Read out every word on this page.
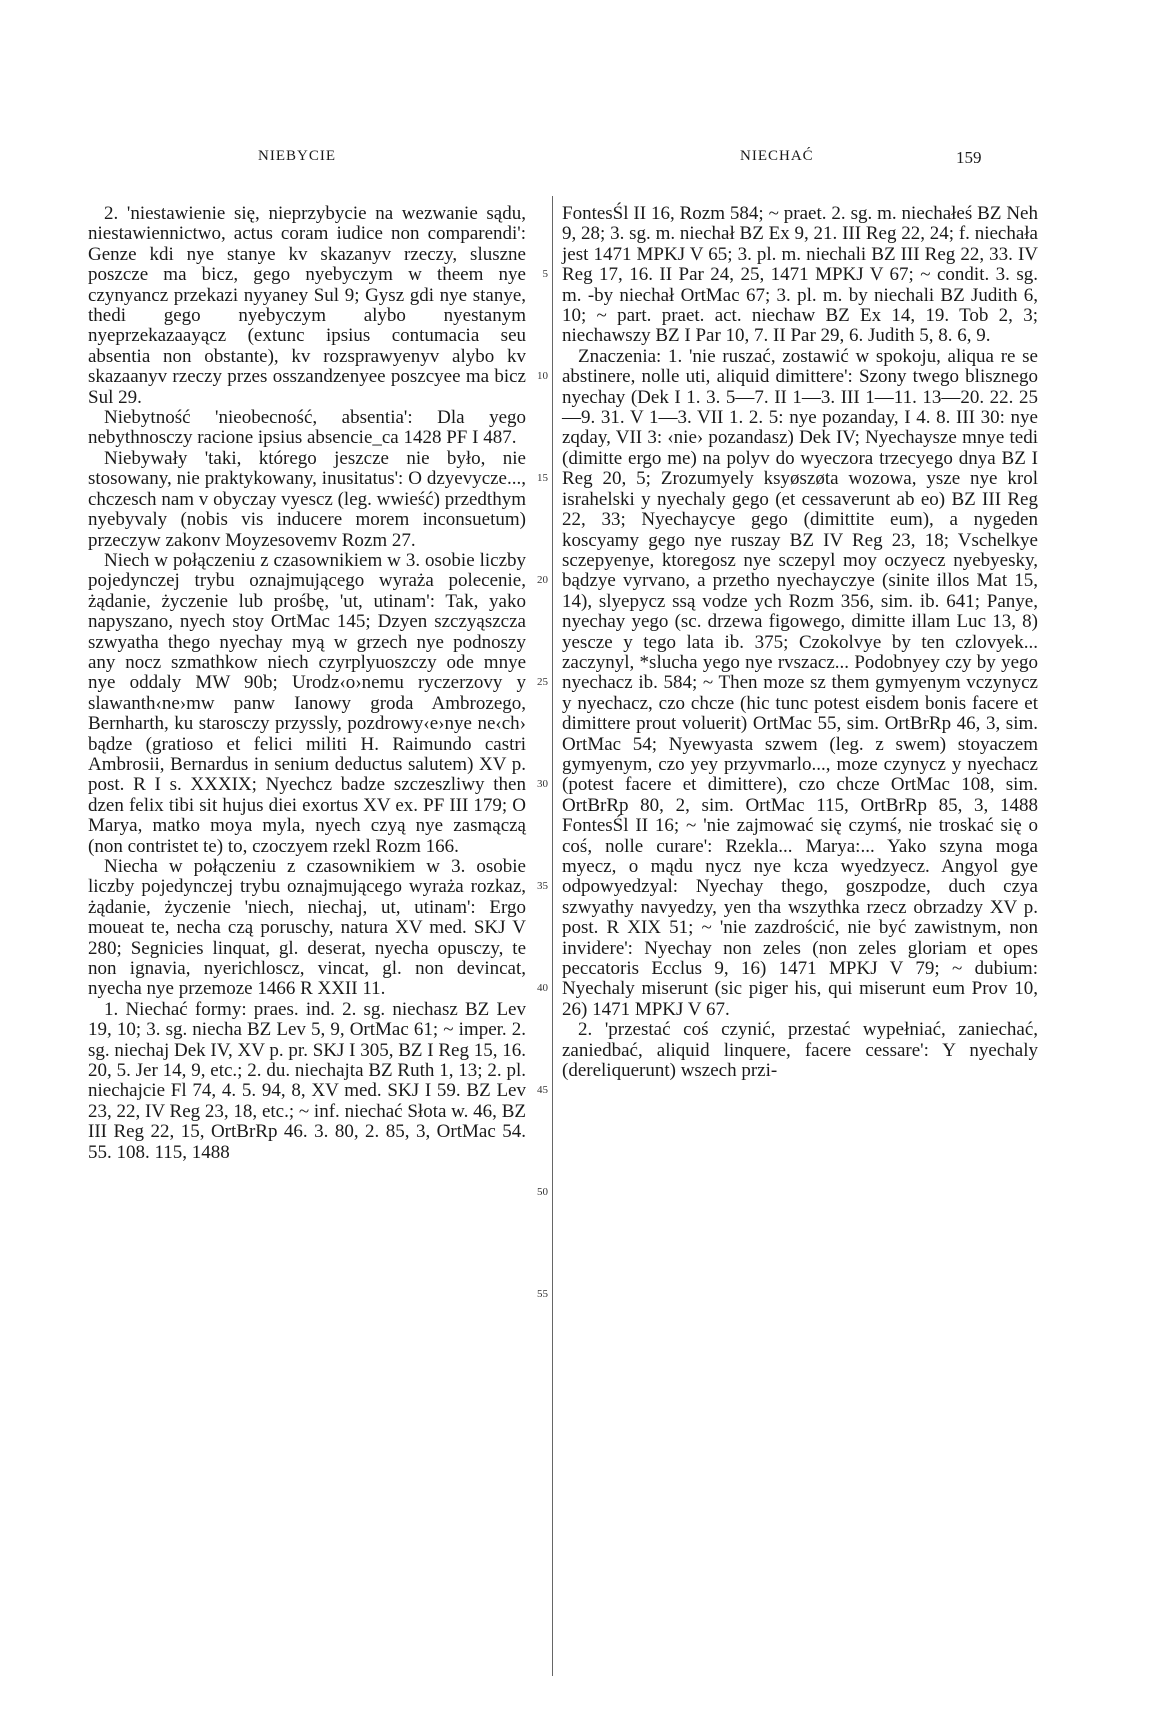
NIEBYCIE	NIECHAĆ	159
5
10
15
20
25
30
35
40
45
50
55

2. 'niestawienie się, nieprzybycie na wezwanie sądu, niestawiennictwo, actus coram iudice non comparendi': Genze kdi nye stanye kv skazanyv rzeczy, sluszne poszcze ma bicz, gego nyebyczym w theem nye czynyancz przekazi nyyaney Sul 9; Gysz gdi nye stanye, thedi gego nyebyczym alybo nyestanym nyeprzekazaayącz (extunc ipsius contumacia seu absentia non obstante), kv rozsprawyenyv alybo kv skazaanyv rzeczy przes osszandzenyee poszcyee ma bicz Sul 29.

Niebytność 'nieobecność, absentia': Dla yego nebythnosczy racione ipsius absencie_ca 1428 PF I 487.

Niebywały 'taki, którego jeszcze nie było, nie stosowany, nie praktykowany, inusitatus': O dzyevycze..., chczesch nam v obyczay vyescz (leg. wwieść) przedthym nyebyvaly (nobis vis inducere morem inconsuetum) przeczyw zakonv Moyzesovemv Rozm 27.

Niech w połączeniu z czasownikiem w 3. osobie liczby pojedynczej trybu oznajmującego wyraża polecenie, żądanie, życzenie lub prośbę, 'ut, utinam': Tak, yako napyszano, nyech stoy OrtMac 145; Dzyen szczyąszcza szwyatha thego nyechay myą w grzech nye podnoszy any nocz szmathkow niech czyrplyuoszczy ode mnye nye oddaly MW 90b; Urodz‹o›nemu ryczerzovy y slawanth‹ne›mw panw Ianowy groda Ambrozego, Bernharth, ku starosczy przyssly, pozdrowy‹e›nye ne‹ch› bądze (gratioso et felici militi H. Raimundo castri Ambrosii, Bernardus in senium deductus salutem) XV p. post. R I s. XXXIX; Nyechcz badze szczeszliwy then dzen felix tibi sit hujus diei exortus XV ex. PF III 179; O Marya, matko moya myla, nyech czyą nye zasmączą (non contristet te) to, czoczyem rzekl Rozm 166.

Niecha w połączeniu z czasownikiem w 3. osobie liczby pojedynczej trybu oznajmującego wyraża rozkaz, żądanie, życzenie 'niech, niechaj, ut, utinam': Ergo moueat te, necha czą poruschy, natura XV med. SKJ V 280; Segnicies linquat, gl. deserat, nyecha opusczy, te non ignavia, nyerichloscz, vincat, gl. non devincat, nyecha nye przemoze 1466 R XXII 11.

1. Niechać formy: praes. ind. 2. sg. niechasz BZ Lev 19, 10; 3. sg. niecha BZ Lev 5, 9, OrtMac 61; ~ imper. 2. sg. niechaj Dek IV, XV p. pr. SKJ I 305, BZ I Reg 15, 16. 20, 5. Jer 14, 9, etc.; 2. du. niechajta BZ Ruth 1, 13; 2. pl. niechajcie Fl 74, 4. 5. 94, 8, XV med. SKJ I 59. BZ Lev 23, 22, IV Reg 23, 18, etc.; ~ inf. niechać Słota w. 46, BZ III Reg 22, 15, OrtBrRp 46. 3. 80, 2. 85, 3, OrtMac 54. 55. 108. 115, 1488

FontesŚl II 16, Rozm 584; ~ praet. 2. sg. m. niechałeś BZ Neh 9, 28; 3. sg. m. niechał BZ Ex 9, 21. III Reg 22, 24; f. niechała jest 1471 MPKJ V 65; 3. pl. m. niechali BZ III Reg 22, 33. IV Reg 17, 16. II Par 24, 25, 1471 MPKJ V 67; ~ condit. 3. sg. m. -by niechał OrtMac 67; 3. pl. m. by niechali BZ Judith 6, 10; ~ part. praet. act. niechaw BZ Ex 14, 19. Tob 2, 3; niechawszy BZ I Par 10, 7. II Par 29, 6. Judith 5, 8. 6, 9.

Znaczenia: 1. 'nie ruszać, zostawić w spokoju, aliqua re se abstinere, nolle uti, aliquid dimittere': Szony twego blisznego nyechay (Dek I 1. 3. 5—7. II 1—3. III 1—11. 13—20. 22. 25—9. 31. V 1—3. VII 1. 2. 5: nye pozanday, I 4. 8. III 30: nye zqday, VII 3: ‹nie› pozandasz) Dek IV; Nyechaysze mnye tedi (dimitte ergo me) na polyv do wyeczora trzecyego dnya BZ I Reg 20, 5; Zrozumyely ksyøszøta wozowa, ysze nye krol israhelski y nyechaly gego (et cessaverunt ab eo) BZ III Reg 22, 33; Nyechaycye gego (dimittite eum), a nygeden koscyamy gego nye ruszay BZ IV Reg 23, 18; Vschelkye sczepyenye, ktoregosz nye sczepyl moy oczyecz nyebyesky, bądzye vyrvano, a przetho nyechayczye (sinite illos Mat 15, 14), slyepycz ssą vodze ych Rozm 356, sim. ib. 641; Panye, nyechay yego (sc. drzewa figowego, dimitte illam Luc 13, 8) yescze y tego lata ib. 375; Czokolvye by ten czlovyek... zaczynyl, *slucha yego nye rvszacz... Podobnyey czy by yego nyechacz ib. 584; ~ Then moze sz them gymyenym vczynycz y nyechacz, czo chcze (hic tunc potest eisdem bonis facere et dimittere prout voluerit) OrtMac 55, sim. OrtBrRp 46, 3, sim. OrtMac 54; Nyewyasta szwem (leg. z swem) stoyaczem gymyenym, czo yey przyvmarlo..., moze czynycz y nyechacz (potest facere et dimittere), czo chcze OrtMac 108, sim. OrtBrRp 80, 2, sim. OrtMac 115, OrtBrRp 85, 3, 1488 FontesŚl II 16; ~ 'nie zajmować się czymś, nie troskać się o coś, nolle curare': Rzekla... Marya:... Yako szyna moga myecz, o mądu nycz nye kcza wyedzyecz. Angyol gye odpowyedzyal: Nyechay thego, goszpodze, duch czya szwyathy navyedzy, yen tha wszythka rzecz obrzadzy XV p. post. R XIX 51; ~ 'nie zazdrościć, nie być zawistnym, non invidere': Nyechay non zeles (non zeles gloriam et opes peccatoris Ecclus 9, 16) 1471 MPKJ V 79; ~ dubium: Nyechaly miserunt (sic piger his, qui miserunt eum Prov 10, 26) 1471 MPKJ V 67.

2. 'przestać coś czynić, przestać wypełniać, zaniechać, zaniedbać, aliquid linquere, facere cessare': Y nyechaly (dereliquerunt) wszech przi-
